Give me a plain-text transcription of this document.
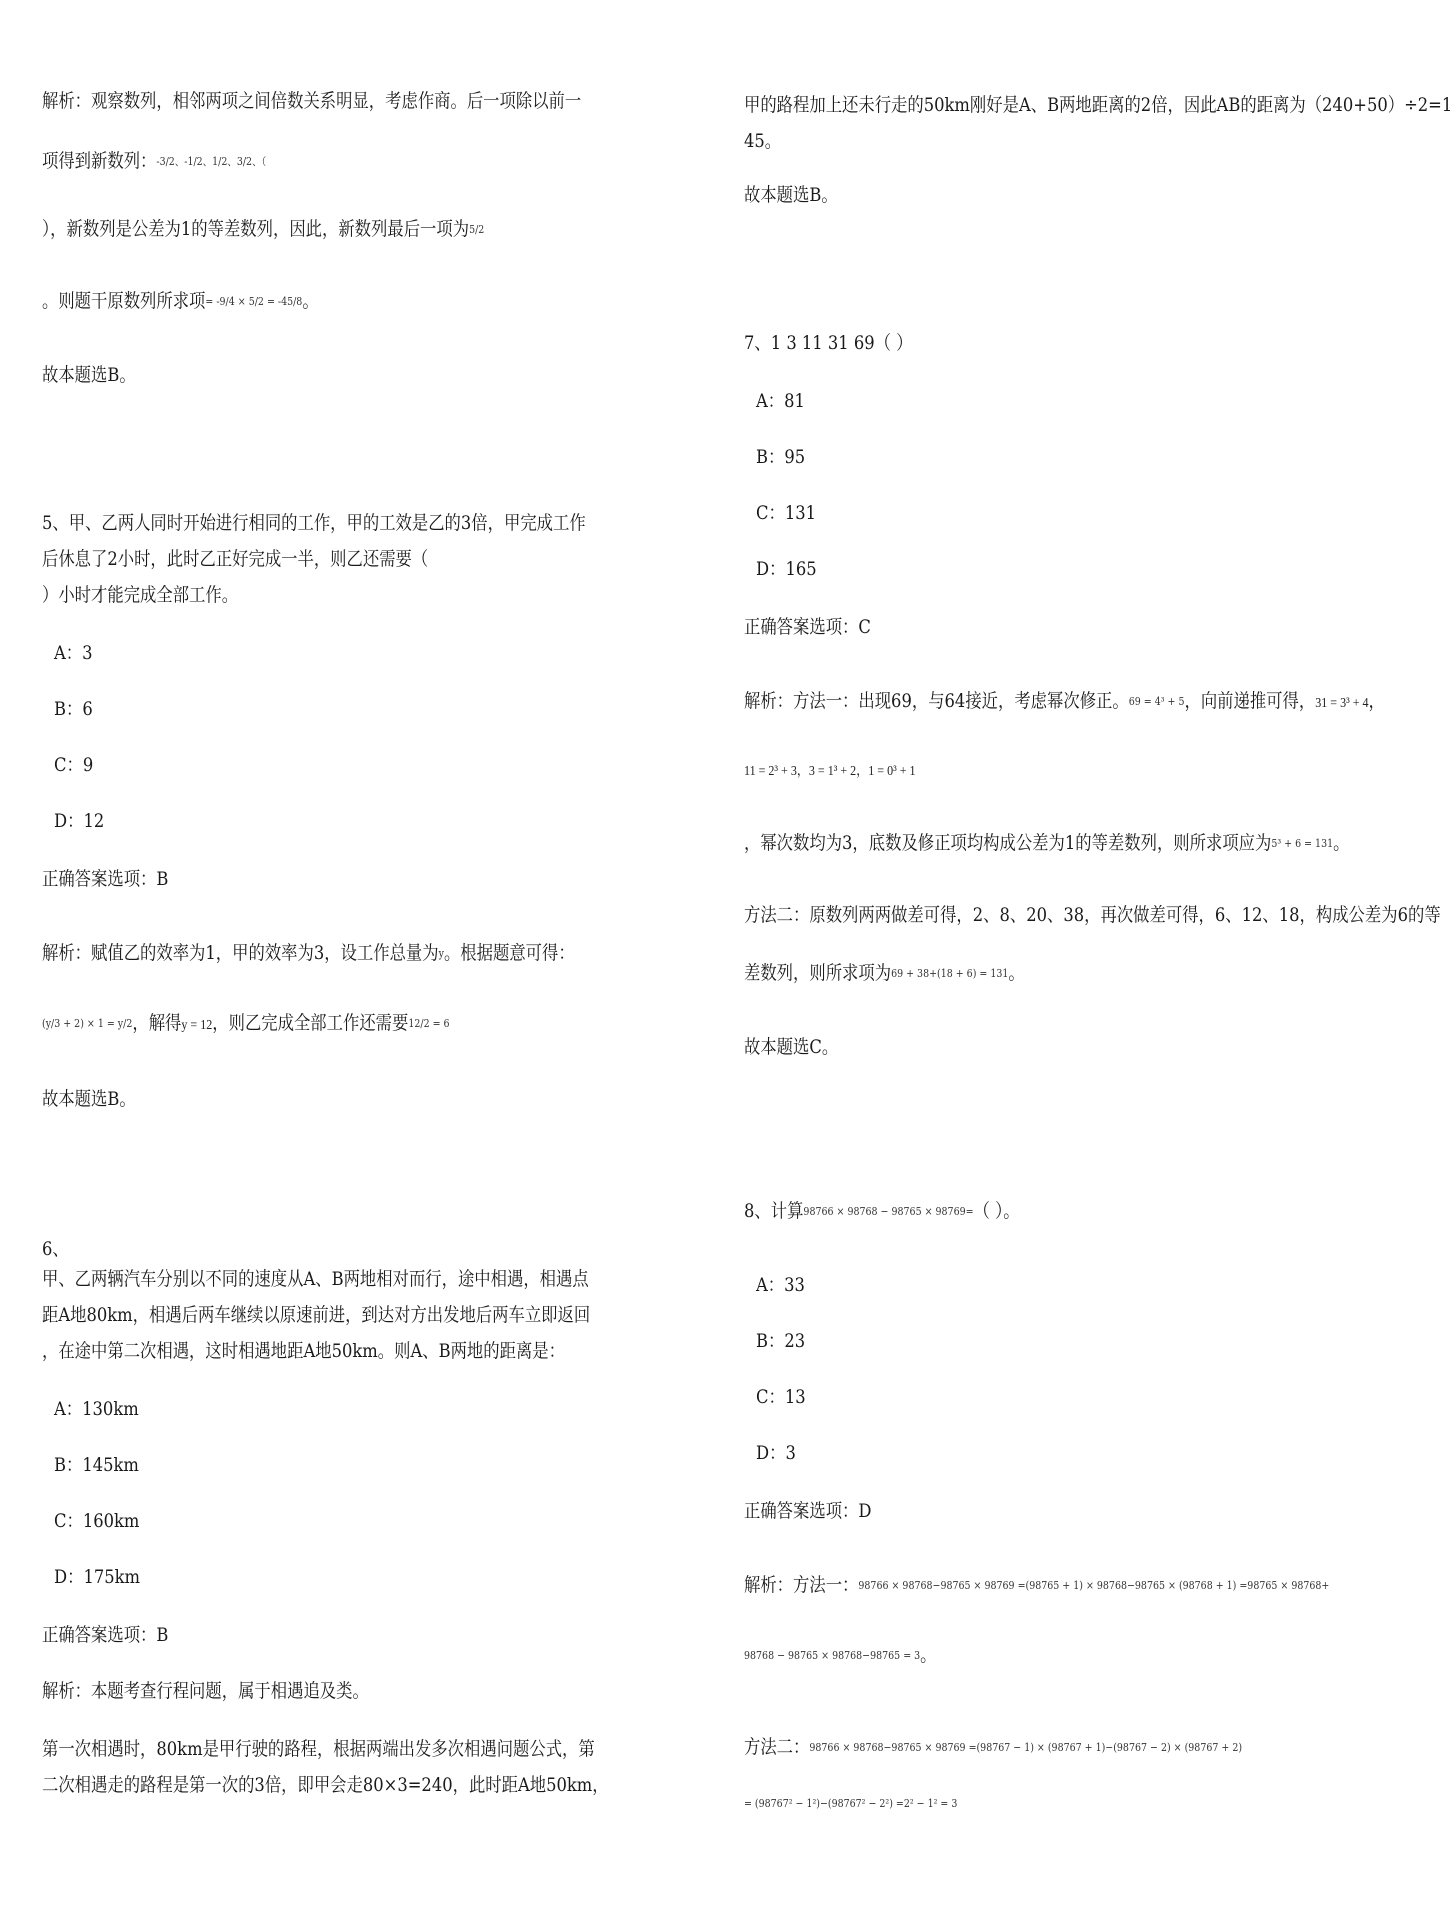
解析：观察数列，相邻两项之间倍数关系明显，考虑作商。后一项除以前一
项得到新数列：-3/2、-1/2、1/2、3/2、（
），新数列是公差为1的等差数列，因此，新数列最后一项为5/2
。则题干原数列所求项= -9/4 × 5/2 = -45/8。
故本题选B。
5、甲、乙两人同时开始进行相同的工作，甲的工效是乙的3倍，甲完成工作
后休息了2小时，此时乙正好完成一半，则乙还需要（
）小时才能完成全部工作。
A：3
B：6
C：9
D：12
正确答案选项：B
解析：赋值乙的效率为1，甲的效率为3，设工作总量为y。根据题意可得：
(y/3 + 2) × 1 = y/2，解得y = 12，则乙完成全部工作还需要12/2 = 6
故本题选B。
6、
甲、乙两辆汽车分别以不同的速度从A、B两地相对而行，途中相遇，相遇点
距A地80km，相遇后两车继续以原速前进，到达对方出发地后两车立即返回
，在途中第二次相遇，这时相遇地距A地50km。则A、B两地的距离是：
A：130km
B：145km
C：160km
D：175km
正确答案选项：B
解析：本题考查行程问题，属于相遇追及类。
第一次相遇时，80km是甲行驶的路程，根据两端出发多次相遇问题公式，第
二次相遇走的路程是第一次的3倍，即甲会走80×3=240，此时距A地50km，
甲的路程加上还未行走的50km刚好是A、B两地距离的2倍，因此AB的距离为（240+50）÷2=1
45。
故本题选B。
7、1 3 11 31 69（ ）
A：81
B：95
C：131
D：165
正确答案选项：C
解析：方法一：出现69，与64接近，考虑幂次修正。69 = 4³ + 5，向前递推可得，31 = 3³ + 4，
11 = 2³ + 3，3 = 1³ + 2，1 = 0³ + 1
，幂次数均为3，底数及修正项均构成公差为1的等差数列，则所求项应为5³ + 6 = 131。
方法二：原数列两两做差可得，2、8、20、38，再次做差可得，6、12、18，构成公差为6的等
差数列，则所求项为69 + 38+(18 + 6) = 131。
故本题选C。
8、计算98766 × 98768 − 98765 × 98769=（ ）。
A：33
B：23
C：13
D：3
正确答案选项：D
解析：方法一：98766 × 98768−98765 × 98769 =(98765 + 1) × 98768−98765 × (98768 + 1) =98765 × 98768+
98768 − 98765 × 98768−98765 = 3。
方法二：98766 × 98768−98765 × 98769 =(98767 − 1) × (98767 + 1)−(98767 − 2) × (98767 + 2)
= (98767² − 1²)−(98767² − 2²) =2² − 1² = 3
